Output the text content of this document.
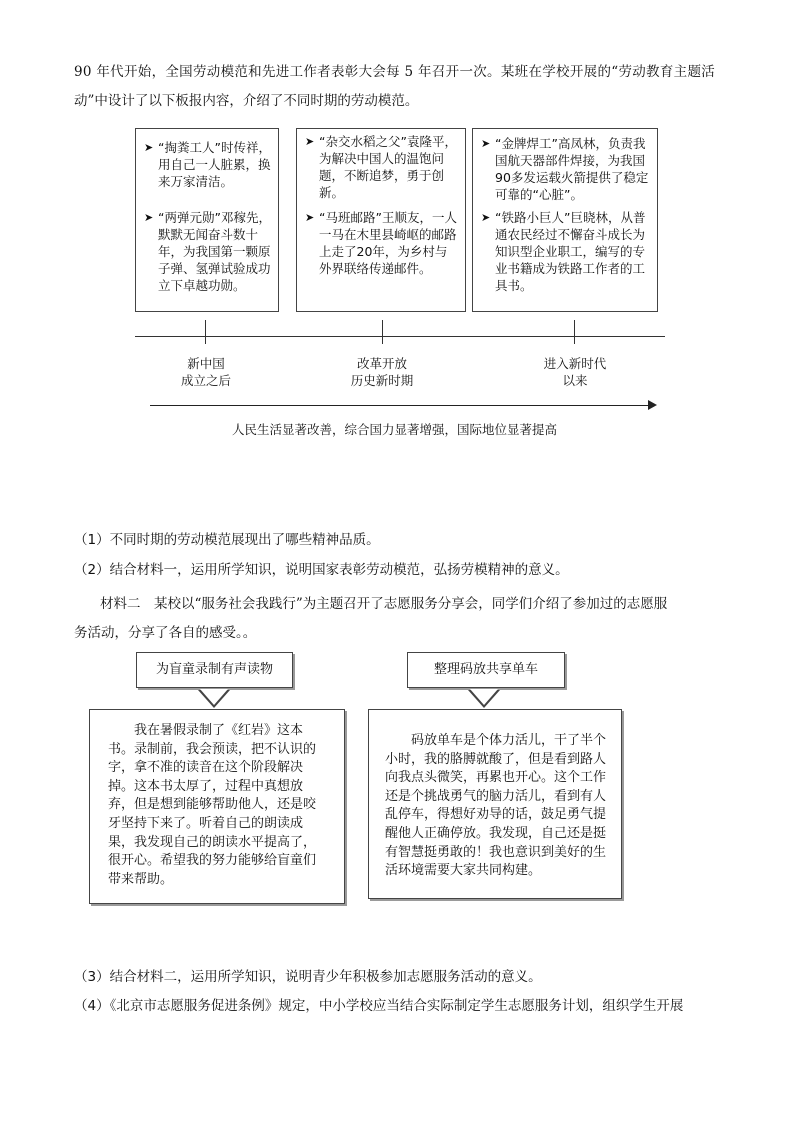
90 年代开始，全国劳动模范和先进工作者表彰大会每 5 年召开一次。某班在学校开展的“劳动教育主题活
动”中设计了以下板报内容，介绍了不同时期的劳动模范。
➤ “掏粪工人”时传祥，用自己一人脏累，换来万家清洁。
➤ “两弹元勋”邓稼先，默默无闻奋斗数十年，为我国第一颗原子弹、氢弹试验成功立下卓越功勋。
➤ “杂交水稻之父”袁隆平，为解决中国人的温饱问题，不断追梦，勇于创新。
➤ “马班邮路”王顺友，一人一马在木里县崎岖的邮路上走了20年，为乡村与外界联络传递邮件。
➤ “金牌焊工”高凤林，负责我国航天器部件焊接，为我国90多发运载火箭提供了稳定可靠的“心脏”。
➤ “铁路小巨人”巨晓林，从普通农民经过不懈奋斗成长为知识型企业职工，编写的专业书籍成为铁路工作者的工具书。
新中国
成立之后
改革开放
历史新时期
进入新时代
以来
人民生活显著改善，综合国力显著增强，国际地位显著提高
（1）不同时期的劳动模范展现出了哪些精神品质。
（2）结合材料一，运用所学知识，说明国家表彰劳动模范，弘扬劳模精神的意义。
材料二　某校以“服务社会我践行”为主题召开了志愿服务分享会，同学们介绍了参加过的志愿服
务活动，分享了各自的感受。。
为盲童录制有声读物
我在暑假录制了《红岩》这本书。录制前，我会预读，把不认识的字，拿不准的读音在这个阶段解决掉。这本书太厚了，过程中真想放弃，但是想到能够帮助他人，还是咬牙坚持下来了。听着自己的朗读成果，我发现自己的朗读水平提高了，很开心。希望我的努力能够给盲童们带来帮助。
整理码放共享单车
码放单车是个体力活儿，干了半个小时，我的胳膊就酸了，但是看到路人向我点头微笑，再累也开心。这个工作还是个挑战勇气的脑力活儿，看到有人乱停车，得想好劝导的话，鼓足勇气提醒他人正确停放。我发现，自己还是挺有智慧挺勇敢的！我也意识到美好的生活环境需要大家共同构建。
（3）结合材料二，运用所学知识，说明青少年积极参加志愿服务活动的意义。
（4）《北京市志愿服务促进条例》规定，中小学校应当结合实际制定学生志愿服务计划，组织学生开展
